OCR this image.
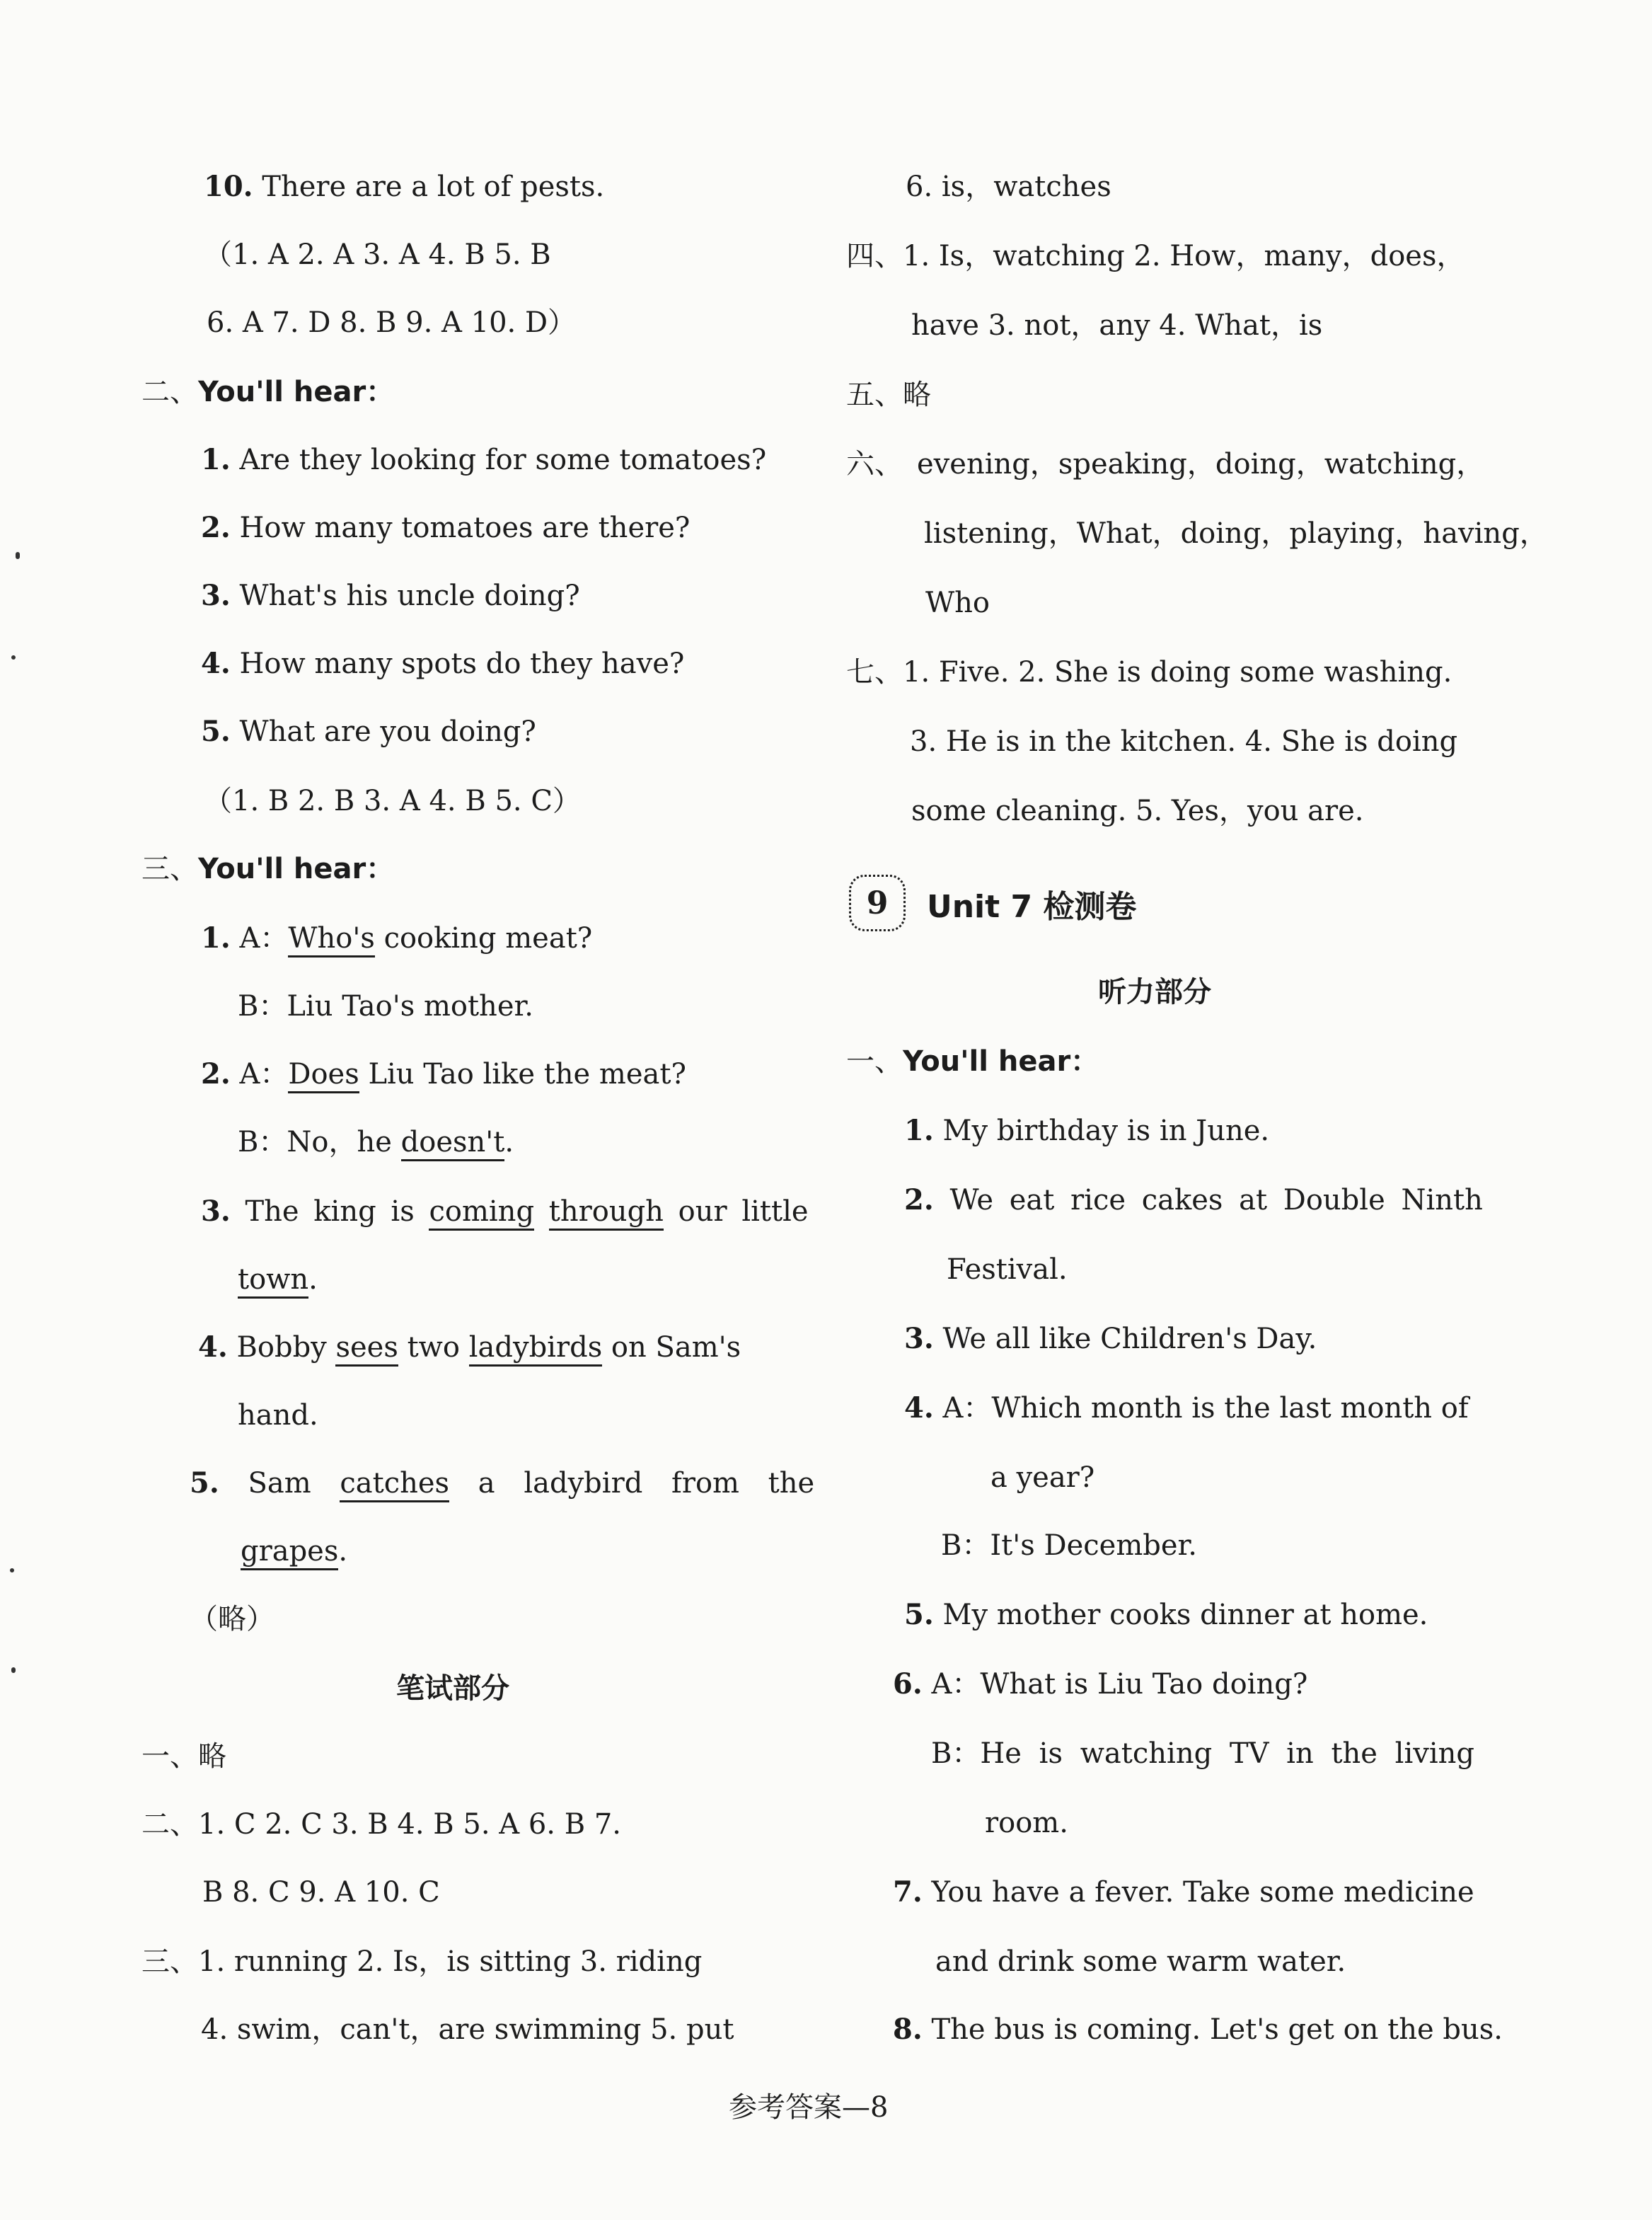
10. There are a lot of pests.
（1. A 2. A 3. A 4. B 5. B
6. A 7. D 8. B 9. A 10. D）
二、You'll hear：
1. Are they looking for some tomatoes?
2. How many tomatoes are there?
3. What's his uncle doing?
4. How many spots do they have?
5. What are you doing?
（1. B 2. B 3. A 4. B 5. C）
三、You'll hear：
1. A：Who's cooking meat?
B：Liu Tao's mother.
2. A：Does Liu Tao like the meat?
B：No，he doesn't.
3. The king is coming through our little
town.
4. Bobby sees two ladybirds on Sam's
hand.
5. Sam catches a ladybird from the
grapes.
（略）
笔试部分
一、略
二、1. C 2. C 3. B 4. B 5. A 6. B 7.
B 8. C 9. A 10. C
三、1. running 2. Is，is sitting 3. riding
4. swim，can't，are swimming 5. put
6. is，watches
四、1. Is，watching 2. How，many，does，
have 3. not，any 4. What，is
五、略
六、 evening，speaking，doing，watching，
listening，What，doing，playing，having，
Who
七、1. Five. 2. She is doing some washing.
3. He is in the kitchen. 4. She is doing
some cleaning. 5. Yes，you are.
9	Unit 7 检测卷
听力部分
一、You'll hear：
1. My birthday is in June.
2. We eat rice cakes at Double Ninth
Festival.
3. We all like Children's Day.
4. A：Which month is the last month of
a year?
B：It's December.
5. My mother cooks dinner at home.
6. A：What is Liu Tao doing?
B：He is watching TV in the living
room.
7. You have a fever. Take some medicine
and drink some warm water.
8. The bus is coming. Let's get on the bus.
参考答案—8
